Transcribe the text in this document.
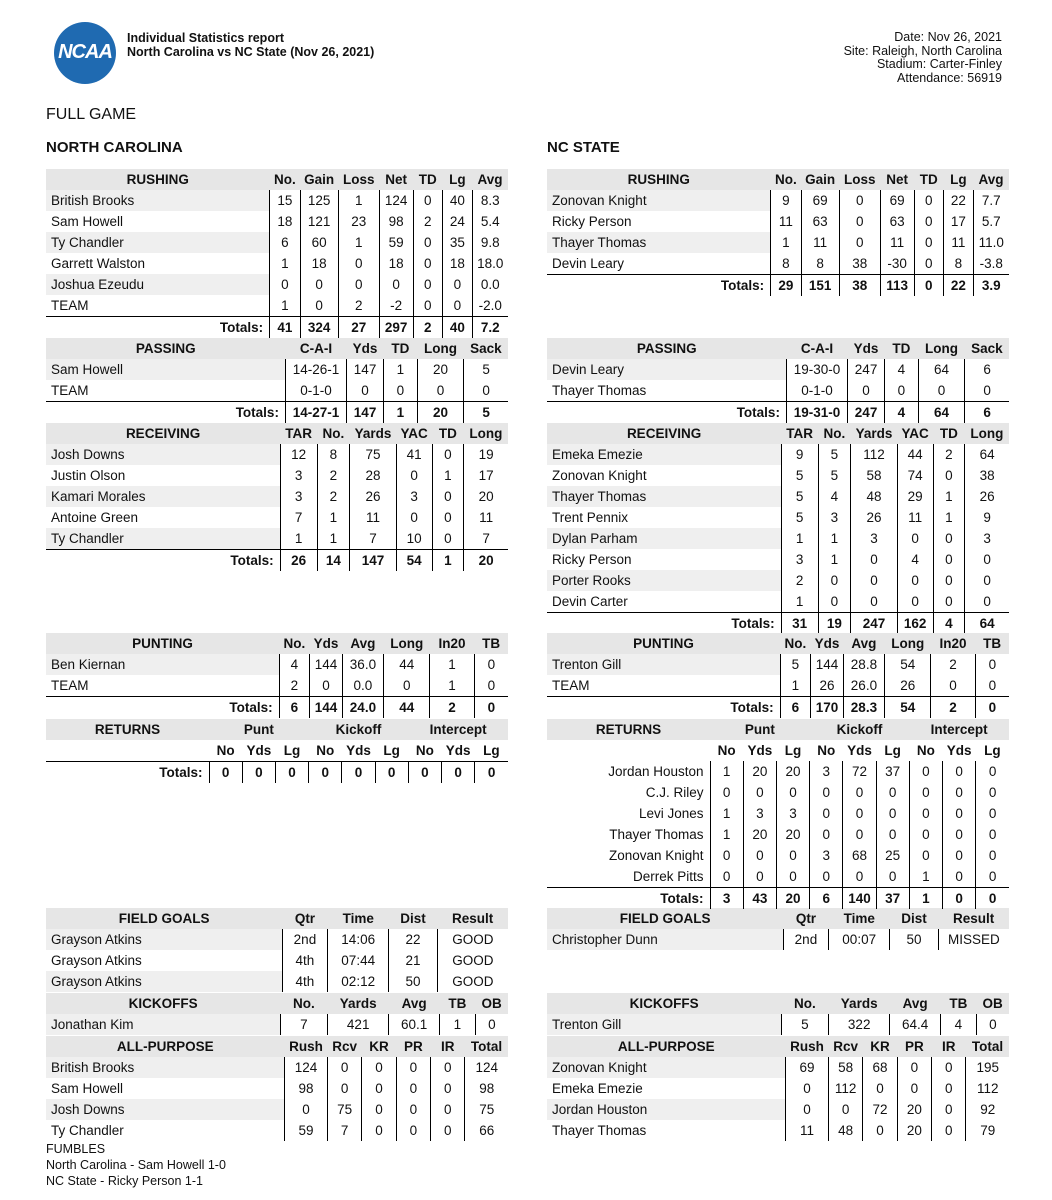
NCAA
Individual Statistics report
North Carolina vs NC State (Nov 26, 2021)
Date: Nov 26, 2021
Site: Raleigh, North Carolina
Stadium: Carter-Finley
Attendance: 56919
FULL GAME
NORTH CAROLINA	NC STATE
RUSHING	No.	Gain	Loss	Net	TD	Lg	Avg
British Brooks	15	125	1	124	0	40	8.3
Sam Howell	18	121	23	98	2	24	5.4
Ty Chandler	6	60	1	59	0	35	9.8
Garrett Walston	1	18	0	18	0	18	18.0
Joshua Ezeudu	0	0	0	0	0	0	0.0
TEAM	1	0	2	-2	0	0	-2.0
Totals:	41	324	27	297	2	40	7.2
PASSING	C-A-I	Yds	TD	Long	Sack
Sam Howell	14-26-1	147	1	20	5
TEAM	0-1-0	0	0	0	0
Totals:	14-27-1	147	1	20	5
RECEIVING	TAR	No.	Yards	YAC	TD	Long
Josh Downs	12	8	75	41	0	19
Justin Olson	3	2	28	0	1	17
Kamari Morales	3	2	26	3	0	20
Antoine Green	7	1	11	0	0	11
Ty Chandler	1	1	7	10	0	7
Totals:	26	14	147	54	1	20
PUNTING	No.	Yds	Avg	Long	In20	TB
Ben Kiernan	4	144	36.0	44	1	0
TEAM	2	0	0.0	0	1	0
Totals:	6	144	24.0	44	2	0
FIELD GOALS	Qtr	Time	Dist	Result
Grayson Atkins	2nd	14:06	22	GOOD
Grayson Atkins	4th	07:44	21	GOOD
Grayson Atkins	4th	02:12	50	GOOD
KICKOFFS	No.	Yards	Avg	TB	OB
Jonathan Kim	7	421	60.1	1	0
ALL-PURPOSE	Rush	Rcv	KR	PR	IR	Total
British Brooks	124	0	0	0	0	124
Sam Howell	98	0	0	0	0	98
Josh Downs	0	75	0	0	0	75
Ty Chandler	59	7	0	0	0	66
RETURNS	Punt			Kickoff			Intercept		
	No	Yds	Lg	No	Yds	Lg	No	Yds	Lg
Totals:	0	0	0	0	0	0	0	0	0
RUSHING	No.	Gain	Loss	Net	TD	Lg	Avg
Zonovan Knight	9	69	0	69	0	22	7.7
Ricky Person	11	63	0	63	0	17	5.7
Thayer Thomas	1	11	0	11	0	11	11.0
Devin Leary	8	8	38	-30	0	8	-3.8
Totals:	29	151	38	113	0	22	3.9
PASSING	C-A-I	Yds	TD	Long	Sack
Devin Leary	19-30-0	247	4	64	6
Thayer Thomas	0-1-0	0	0	0	0
Totals:	19-31-0	247	4	64	6
RECEIVING	TAR	No.	Yards	YAC	TD	Long
Emeka Emezie	9	5	112	44	2	64
Zonovan Knight	5	5	58	74	0	38
Thayer Thomas	5	4	48	29	1	26
Trent Pennix	5	3	26	11	1	9
Dylan Parham	1	1	3	0	0	3
Ricky Person	3	1	0	4	0	0
Porter Rooks	2	0	0	0	0	0
Devin Carter	1	0	0	0	0	0
Totals:	31	19	247	162	4	64
PUNTING	No.	Yds	Avg	Long	In20	TB
Trenton Gill	5	144	28.8	54	2	0
TEAM	1	26	26.0	26	0	0
Totals:	6	170	28.3	54	2	0
FIELD GOALS	Qtr	Time	Dist	Result
Christopher Dunn	2nd	00:07	50	MISSED
KICKOFFS	No.	Yards	Avg	TB	OB
Trenton Gill	5	322	64.4	4	0
ALL-PURPOSE	Rush	Rcv	KR	PR	IR	Total
Zonovan Knight	69	58	68	0	0	195
Emeka Emezie	0	112	0	0	0	112
Jordan Houston	0	0	72	20	0	92
Thayer Thomas	11	48	0	20	0	79
RETURNS	Punt			Kickoff			Intercept		
	No	Yds	Lg	No	Yds	Lg	No	Yds	Lg
Jordan Houston	1	20	20	3	72	37	0	0	0
C.J. Riley	0	0	0	0	0	0	0	0	0
Levi Jones	1	3	3	0	0	0	0	0	0
Thayer Thomas	1	20	20	0	0	0	0	0	0
Zonovan Knight	0	0	0	3	68	25	0	0	0
Derrek Pitts	0	0	0	0	0	0	1	0	0
Totals:	3	43	20	6	140	37	1	0	0
FUMBLES
North Carolina - Sam Howell 1-0
NC State - Ricky Person 1-1
